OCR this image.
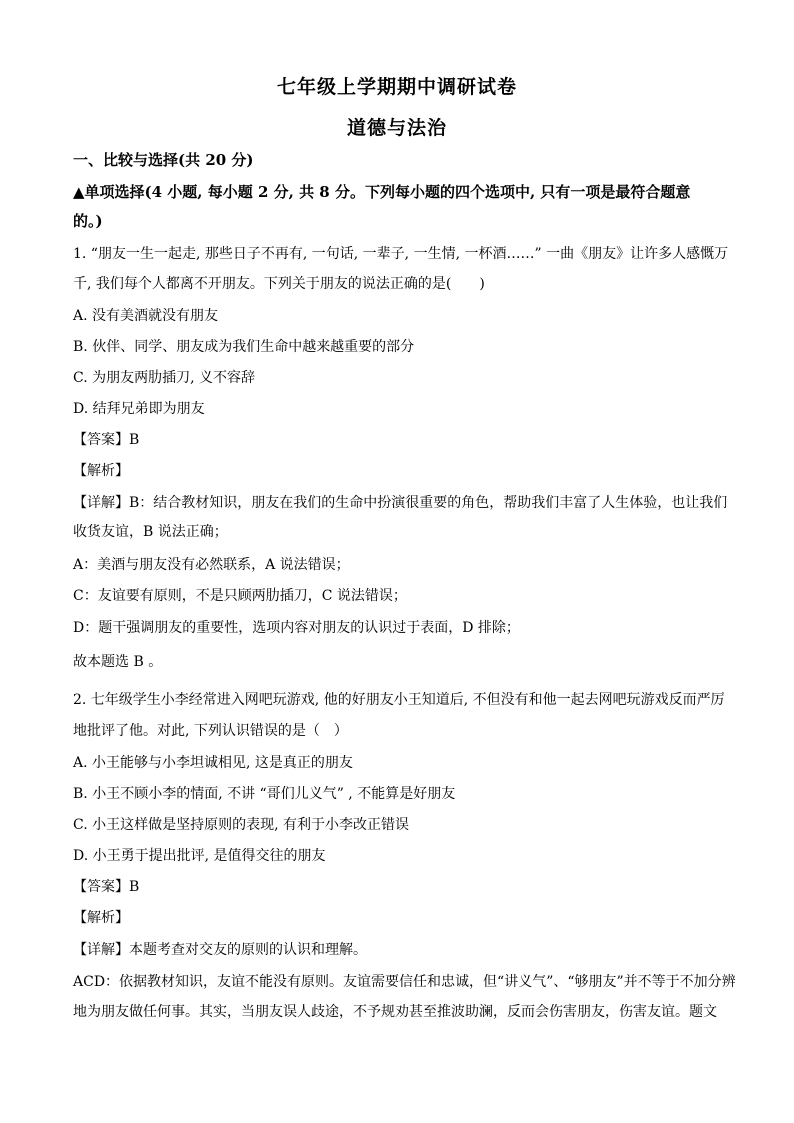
七年级上学期期中调研试卷
道德与法治
一、比较与选择(共 20 分)
▲单项选择(4 小题, 每小题 2 分, 共 8 分。下列每小题的四个选项中, 只有一项是最符合题意
的。)
1. “朋友一生一起走, 那些日子不再有, 一句话, 一辈子, 一生情, 一杯酒……” 一曲《朋友》让许多人感慨万
千, 我们每个人都离不开朋友。下列关于朋友的说法正确的是(　　)
A. 没有美酒就没有朋友
B. 伙伴、同学、朋友成为我们生命中越来越重要的部分
C. 为朋友两肋插刀, 义不容辞
D. 结拜兄弟即为朋友
【答案】B
【解析】
【详解】B：结合教材知识，朋友在我们的生命中扮演很重要的角色，帮助我们丰富了人生体验，也让我们
收货友谊，B 说法正确；
A：美酒与朋友没有必然联系，A 说法错误；
C：友谊要有原则，不是只顾两肋插刀，C 说法错误；
D：题干强调朋友的重要性，选项内容对朋友的认识过于表面，D 排除；
故本题选 B 。
2. 七年级学生小李经常进入网吧玩游戏, 他的好朋友小王知道后, 不但没有和他一起去网吧玩游戏反而严厉
地批评了他。对此, 下列认识错误的是（　）
A. 小王能够与小李坦诚相见, 这是真正的朋友
B. 小王不顾小李的情面, 不讲 “哥们儿义气” , 不能算是好朋友
C. 小王这样做是坚持原则的表现, 有利于小李改正错误
D. 小王勇于提出批评, 是值得交往的朋友
【答案】B
【解析】
【详解】本题考查对交友的原则的认识和理解。
ACD：依据教材知识，友谊不能没有原则。友谊需要信任和忠诚，但“讲义气”、“够朋友”并不等于不加分辨
地为朋友做任何事。其实，当朋友误人歧途，不予规劝甚至推波助澜，反而会伤害朋友，伤害友谊。题文
